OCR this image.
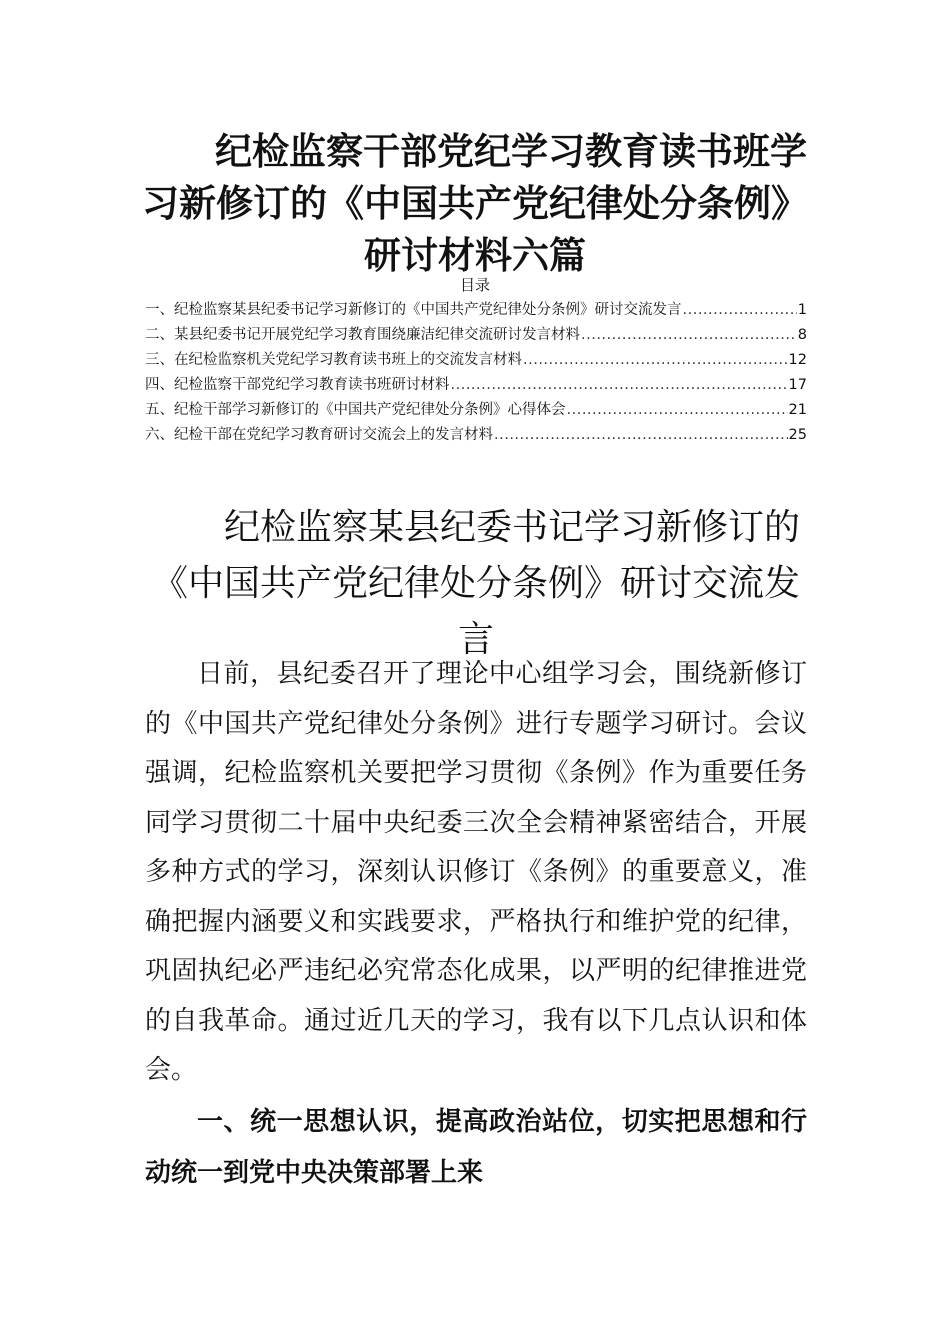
纪检监察干部党纪学习教育读书班学
习新修订的《中国共产党纪律处分条例》
研讨材料六篇
目录
一、纪检监察某县纪委书记学习新修订的《中国共产党纪律处分条例》研讨交流发言 .....	1
二、某县纪委书记开展党纪学习教育围绕廉洁纪律交流研讨发言材料 .....	8
三、在纪检监察机关党纪学习教育读书班上的交流发言材料 .....	12
四、纪检监察干部党纪学习教育读书班研讨材料 .....	17
五、纪检干部学习新修订的《中国共产党纪律处分条例》心得体会 .....	21
六、纪检干部在党纪学习教育研讨交流会上的发言材料 .....	25
纪检监察某县纪委书记学习新修订的
《中国共产党纪律处分条例》研讨交流发
言

日前，县纪委召开了理论中心组学习会，围绕新修订的《中国共产党纪律处分条例》进行专题学习研讨。会议强调，纪检监察机关要把学习贯彻《条例》作为重要任务同学习贯彻二十届中央纪委三次全会精神紧密结合，开展多种方式的学习，深刻认识修订《条例》的重要意义，准确把握内涵要义和实践要求，严格执行和维护党的纪律，巩固执纪必严违纪必究常态化成果，以严明的纪律推进党的自我革命。通过近几天的学习，我有以下几点认识和体会。

一、统一思想认识，提高政治站位，切实把思想和行动统一到党中央决策部署上来
